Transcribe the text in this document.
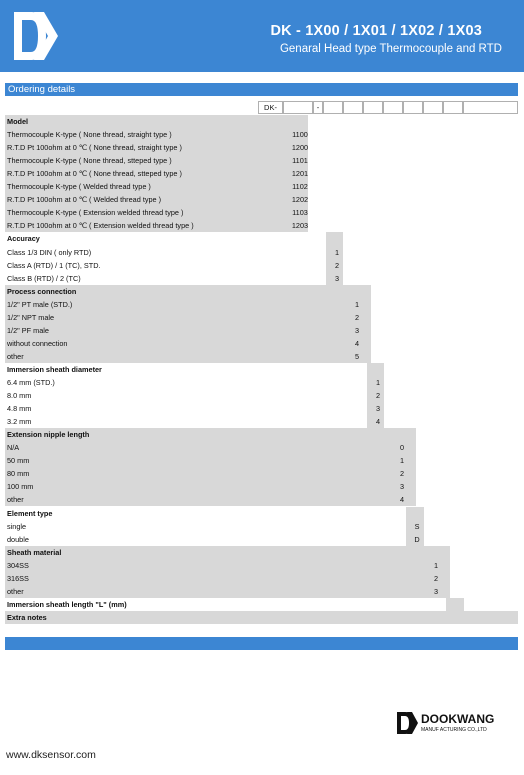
DK - 1X00 / 1X01 / 1X02 / 1X03
Genaral Head type Thermocouple and RTD
Ordering details
Model
Thermocouple K-type ( None thread, straight type )	1100
R.T.D Pt 100ohm at 0 ℃ ( None thread, straight type )	1200
Thermocouple K-type ( None thread, stteped type )	1101
R.T.D Pt 100ohm at 0 ℃ ( None thread, stteped type )	1201
Thermocouple K-type ( Welded thread type )	1102
R.T.D Pt 100ohm at 0 ℃ ( Welded thread type )	1202
Thermocouple K-type ( Extension welded thread type )	1103
R.T.D Pt 100ohm at 0 ℃ ( Extension welded thread type )	1203
Accuracy
Class 1/3 DIN ( only RTD)	1
Class A (RTD) / 1 (TC), STD.	2
Class B (RTD) / 2 (TC)	3
Process connection
1/2" PT male (STD.)	1
1/2" NPT male	2
1/2" PF male	3
without connection	4
other	5
Immersion sheath diameter
6.4 mm (STD.)	1
8.0 mm	2
4.8 mm	3
3.2 mm	4
Extension nipple length
N/A	0
50 mm	1
80 mm	2
100 mm	3
other	4
Element type
single	S
double	D
Sheath material
304SS	1
316SS	2
other	3
Immersion sheath length "L" (mm)
Extra notes
DOOKWANG
MANUF ACTURING CO.,LTD
www.dksensor.com
DK-	-
